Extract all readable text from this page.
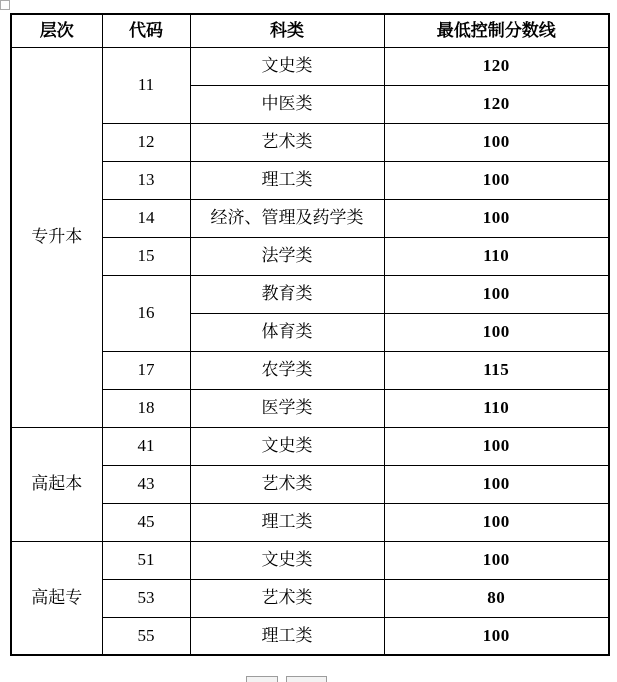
层次	代码	科类	最低控制分数线
专升本	11	文史类	120
		中医类	120
	12	艺术类	100
	13	理工类	100
	14	经济、管理及药学类	100
	15	法学类	110
	16	教育类	100
		体育类	100
	17	农学类	115
	18	医学类	110
高起本	41	文史类	100
	43	艺术类	100
	45	理工类	100
高起专	51	文史类	100
	53	艺术类	80
	55	理工类	100
